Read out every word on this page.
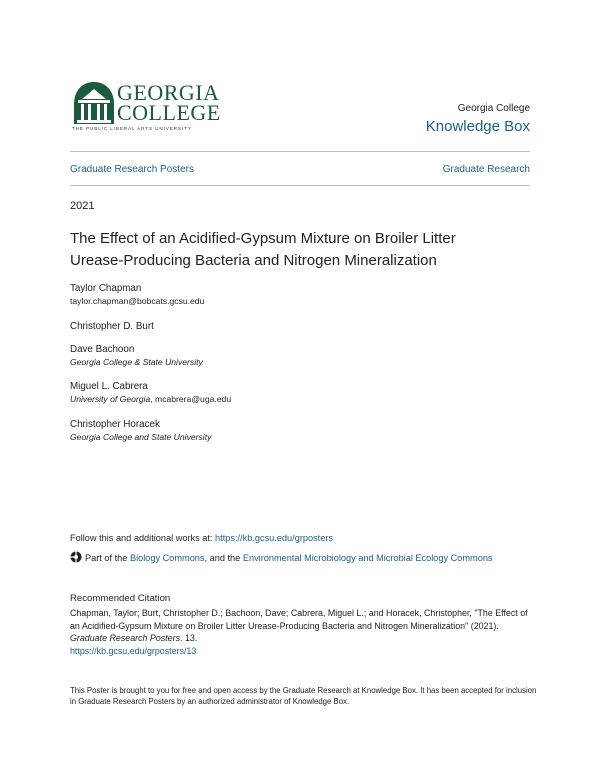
GEORGIA
COLLEGE
THE PUBLIC LIBERAL ARTS UNIVERSITY
Georgia College
Knowledge Box
Graduate Research Posters	Graduate Research
2021
The Effect of an Acidified-Gypsum Mixture on Broiler Litter
Urease-Producing Bacteria and Nitrogen Mineralization
Taylor Chapman
taylor.chapman@bobcats.gcsu.edu
Christopher D. Burt
Dave Bachoon
Georgia College & State University
Miguel L. Cabrera
University of Georgia, mcabrera@uga.edu
Christopher Horacek
Georgia College and State University
Follow this and additional works at: https://kb.gcsu.edu/grposters
Part of the Biology Commons, and the Environmental Microbiology and Microbial Ecology Commons
Recommended Citation
Chapman, Taylor; Burt, Christopher D.; Bachoon, Dave; Cabrera, Miguel L.; and Horacek, Christopher, "The Effect of an Acidified-Gypsum Mixture on Broiler Litter Urease-Producing Bacteria and Nitrogen Mineralization" (2021). Graduate Research Posters. 13.
https://kb.gcsu.edu/grposters/13
This Poster is brought to you for free and open access by the Graduate Research at Knowledge Box. It has been accepted for inclusion in Graduate Research Posters by an authorized administrator of Knowledge Box.
